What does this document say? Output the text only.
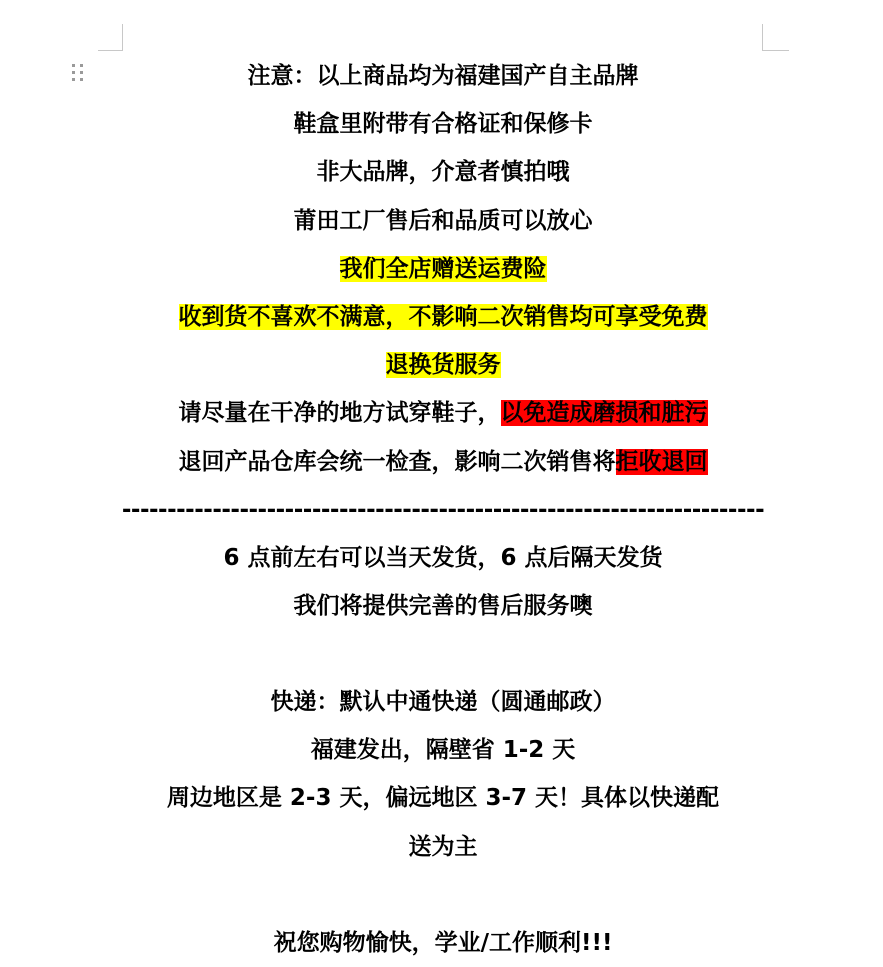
注意：以上商品均为福建国产自主品牌
鞋盒里附带有合格证和保修卡
非大品牌，介意者慎拍哦
莆田工厂售后和品质可以放心
我们全店赠送运费险
收到货不喜欢不满意，不影响二次销售均可享受免费
退换货服务
请尽量在干净的地方试穿鞋子，以免造成磨损和脏污
退回产品仓库会统一检查，影响二次销售将拒收退回
-----------------------------------------------------------------------
6 点前左右可以当天发货，6 点后隔天发货
我们将提供完善的售后服务噢
快递：默认中通快递（圆通邮政）
福建发出，隔壁省 1-2 天
周边地区是 2-3 天，偏远地区 3-7 天！具体以快递配
送为主
祝您购物愉快，学业/工作顺利!!!
